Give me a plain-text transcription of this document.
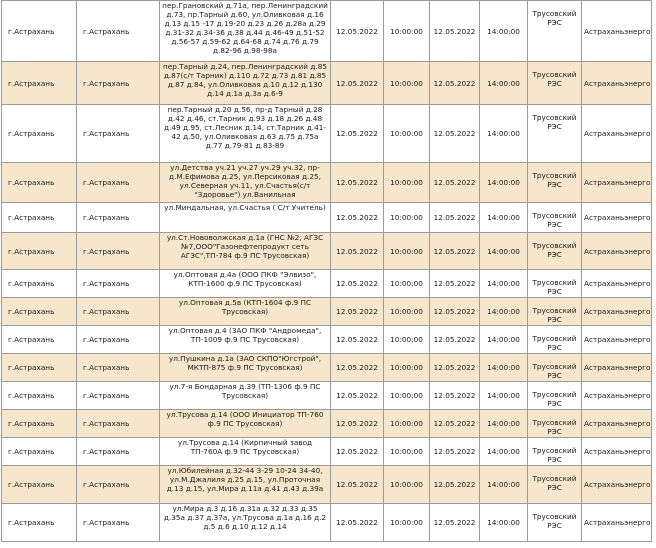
г.Астрахань	г.Астрахань	пер.Грановский д.71а, пер.Ленинградский д.73, пр.Тарный д.60, ул.Оливковая д.16 д.13 д.15 -17 д.19-20 д.23 д.26 д.28а д.29 д.31-32 д.34-36 д.38 д.44 д.46-49 д.51-52 д.56-57 д.59-62 д.64-68 д.74 д.76 д.79 д.82-96 д.98-98а	12.05.2022	10:00:00	12.05.2022	14:00:00	Трусовский РЭС	Астраханьэнерго
г.Астрахань	г.Астрахань	пер.Тарный д.24, пер.Ленинградский д.85 д.87(с/т Тарник) д.110 д.72 д.73 д.81 д.85 д.87 д.84, ул.Оливковая д.10 д.12 д.130 д.14 д.1а д.3а д.6-9	12.05.2022	10:00:00	12.05.2022	14:00:00	Трусовский РЭС	Астраханьэнерго
г.Астрахань	г.Астрахань	пер.Тарный д.20 д.56, пр-д Тарный д.28 д.42 д.46, ст.Тарник д.93 д.18 д.26 д.48 д.49 д.95, ст.Лесник д.14, ст.Тарник д.41-42 д.50, ул.Оливковая д.63 д.75 д.75а д.77 д.79-81 д.83-89	12.05.2022	10:00:00	12.05.2022	14:00:00	Трусовский РЭС	Астраханьэнерго
г.Астрахань	г.Астрахань	ул.Детства уч.21 уч.27 уч.29 уч.32, пр-д.М.Ефимова д.25, ул.Персиковая д.25, ул.Северная уч.11, ул.Счастья(с/т "Здоровье") ул.Ванильная	12.05.2022	10:00:00	12.05.2022	14:00:00	Трусовский РЭС	Астраханьэнерго
г.Астрахань	г.Астрахань	ул.Миндальная, ул.Счастья ( С/т Учитель)	12.05.2022	10:00:00	12.05.2022	14:00:00	Трусовский РЭС	Астраханьэнерго
г.Астрахань	г.Астрахань	ул.Ст.Нововолжская д.1а (ГНС №2, АГЗС №7,ООО"Газонефтепродукт сеть АГЗС",ТП-784 ф.9 ПС Трусовская)	12.05.2022	10:00:00	12.05.2022	14:00:00	Трусовский РЭС	Астраханьэнерго
г.Астрахань	г.Астрахань	ул.Оптовая д.4а (ООО ПКФ "Элвизо", КТП-1600 ф.9 ПС Трусовская)	12.05.2022	10:00:00	12.05.2022	14:00:00	Трусовский РЭС	Астраханьэнерго
г.Астрахань	г.Астрахань	ул.Оптовая д.5в (КТП-1604 ф.9 ПС Трусовская)	12.05.2022	10:00:00	12.05.2022	14:00:00	Трусовский РЭС	Астраханьэнерго
г.Астрахань	г.Астрахань	ул.Оптовая д.4 (ЗАО ПКФ "Андромеда", ТП-1009 ф.9 ПС Трусовская)	12.05.2022	10:00:00	12.05.2022	14:00:00	Трусовский РЭС	Астраханьэнерго
г.Астрахань	г.Астрахань	ул.Пушкина д.1а (ЗАО СКПО"Югстрой", МКТП-875 ф.9 ПС Трусовская)	12.05.2022	10:00:00	12.05.2022	14:00:00	Трусовский РЭС	Астраханьэнерго
г.Астрахань	г.Астрахань	ул.7-я Бондарная д.39 (ТП-1306 ф.9 ПС Трусовская)	12.05.2022	10:00:00	12.05.2022	14:00:00	Трусовский РЭС	Астраханьэнерго
г.Астрахань	г.Астрахань	ул.Трусова д.14 (ООО Инициатор ТП-760 ф.9 ПС Трусовская)	12.05.2022	10:00:00	12.05.2022	14:00:00	Трусовский РЭС	Астраханьэнерго
г.Астрахань	г.Астрахань	ул.Трусова д.14 (Кирпичный завод ТП-760А ф.9 ПС Трусовская)	12.05.2022	10:00:00	12.05.2022	14:00:00	Трусовский РЭС	Астраханьэнерго
г.Астрахань	г.Астрахань	ул.Юбилейная д.32-44 3-29 10-24 34-40, ул.М.Джалиля д.25 д.15, ул.Проточная д.13 д.15, ул.Мира д.11а д.41 д.43 д.39а	12.05.2022	10:00:00	12.05.2022	14:00:00	Трусовский РЭС	Астраханьэнерго
г.Астрахань	г.Астрахань	ул.Мира д.3 д.16 д.31а д.32 д.33 д.35 д.35а д.37 д.37а, ул.Трусова д.1а д.16 д.2 д.5 д.6 д.10 д.12 д.14	12.05.2022	10:00:00	12.05.2022	14:00:00	Трусовский РЭС	Астраханьэнерго
